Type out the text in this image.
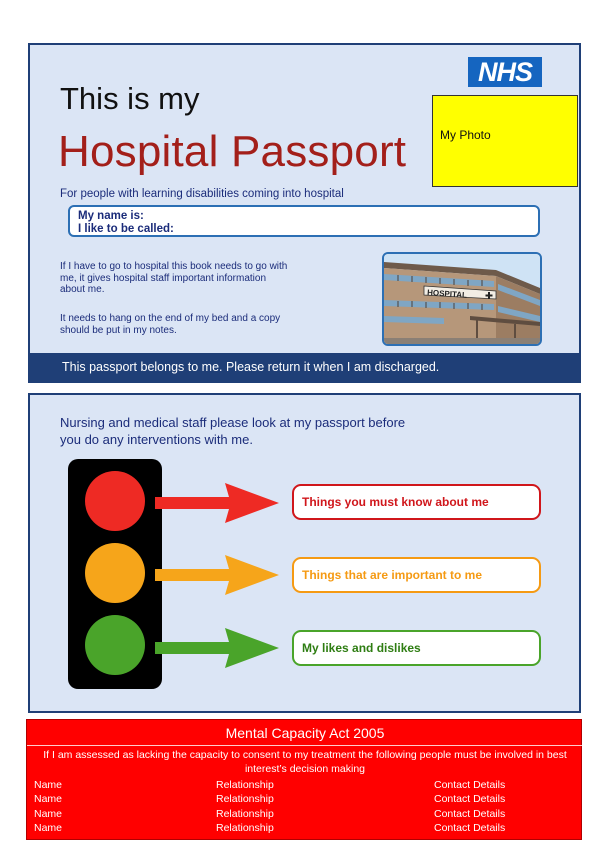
This is my
Hospital Passport
NHS
My Photo
For people with learning disabilities coming into hospital
My name is:
I like to be called:
If I have to go to hospital this book needs to go with me, it gives hospital staff important information about me.
It needs to hang on the end of my bed and a copy should be put in my notes.
HOSPITAL
This passport belongs to me. Please return it when I am discharged.
Nursing and medical staff please look at my passport before you do any interventions with me.
Things you must know about me
Things that are important to me
My likes and dislikes
Mental Capacity Act 2005
If I am assessed as lacking the capacity to consent to my treatment the following people must be involved in best interest’s decision making
Name	Relationship	Contact Details
Name	Relationship	Contact Details
Name	Relationship	Contact Details
Name	Relationship	Contact Details
